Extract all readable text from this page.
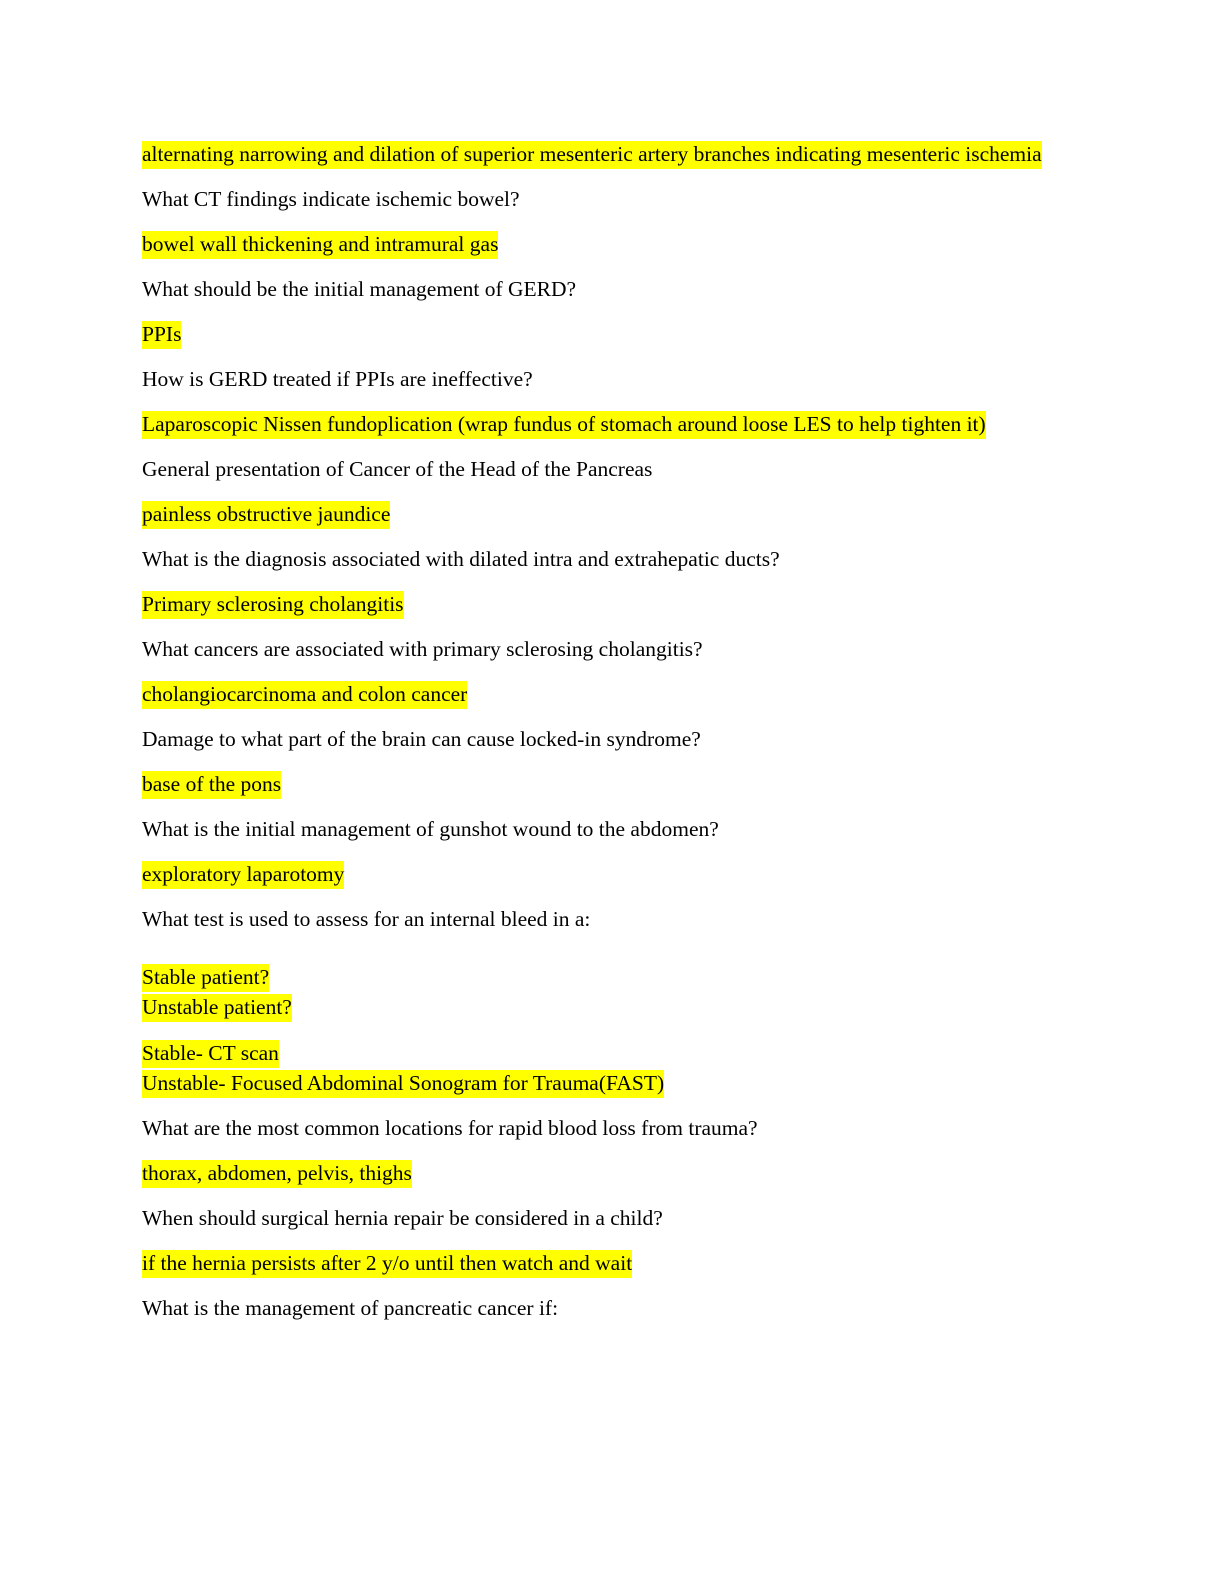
alternating narrowing and dilation of superior mesenteric artery branches indicating mesenteric ischemia

What CT findings indicate ischemic bowel?

bowel wall thickening and intramural gas

What should be the initial management of GERD?

PPIs

How is GERD treated if PPIs are ineffective?

Laparoscopic Nissen fundoplication (wrap fundus of stomach around loose LES to help tighten it)

General presentation of Cancer of the Head of the Pancreas

painless obstructive jaundice

What is the diagnosis associated with dilated intra and extrahepatic ducts?

Primary sclerosing cholangitis

What cancers are associated with primary sclerosing cholangitis?

cholangiocarcinoma and colon cancer

Damage to what part of the brain can cause locked-in syndrome?

base of the pons

What is the initial management of gunshot wound to the abdomen?

exploratory laparotomy

What test is used to assess for an internal bleed in a:

Stable patient?
Unstable patient?
Stable- CT scan
Unstable- Focused Abdominal Sonogram for Trauma(FAST)

What are the most common locations for rapid blood loss from trauma?

thorax, abdomen, pelvis, thighs

When should surgical hernia repair be considered in a child?

if the hernia persists after 2 y/o until then watch and wait

What is the management of pancreatic cancer if:
